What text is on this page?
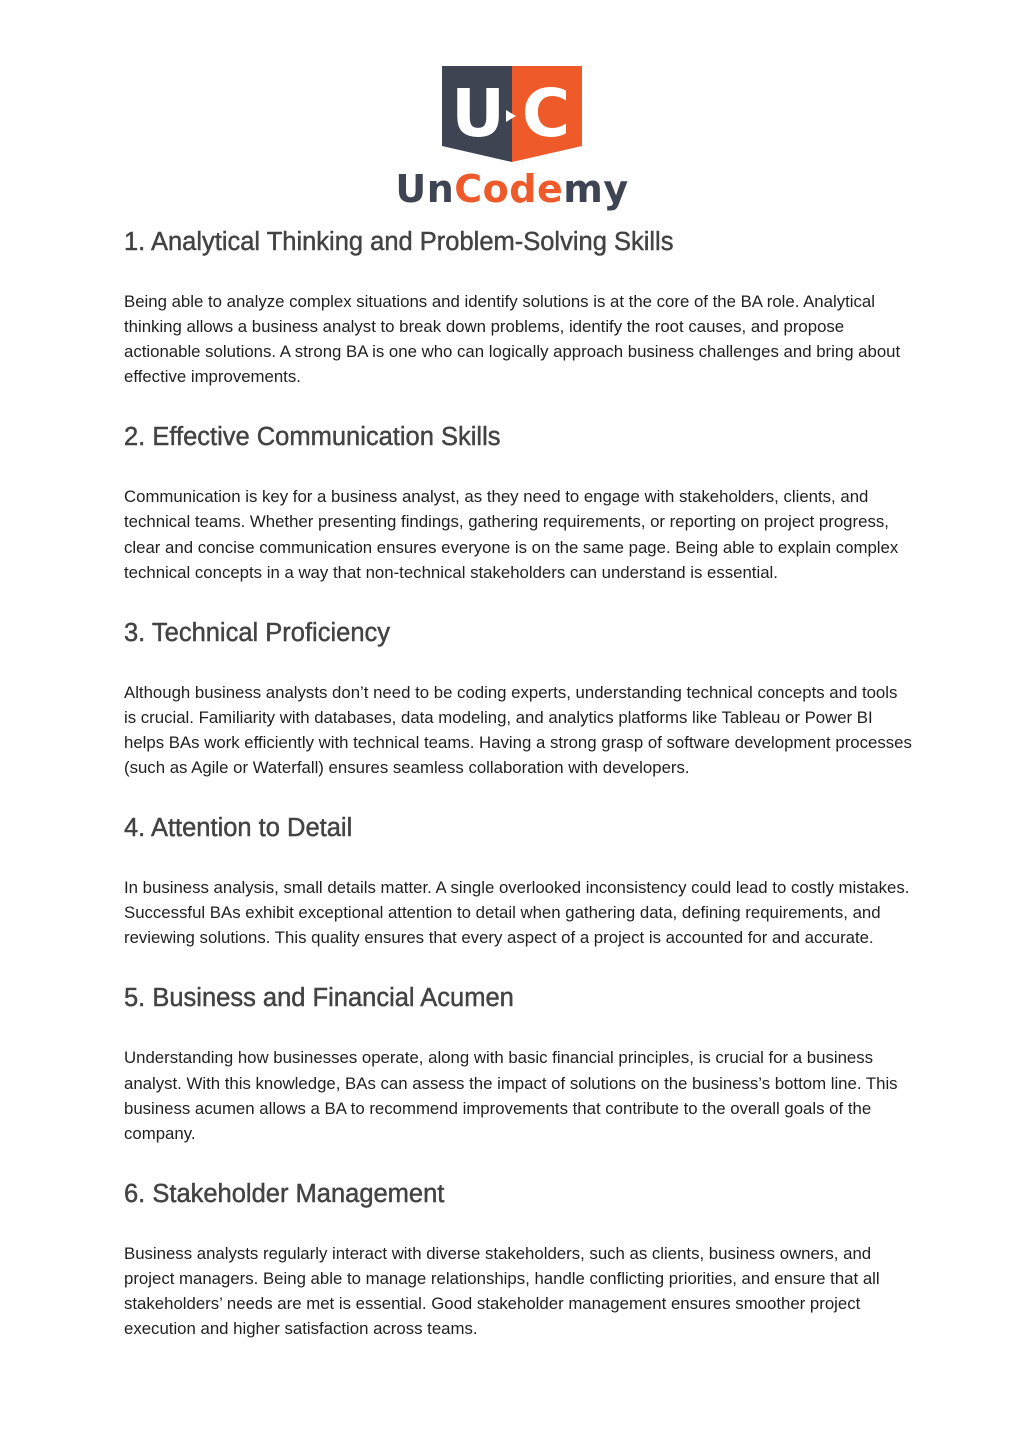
U C
UnCodemy
1. Analytical Thinking and Problem-Solving Skills

Being able to analyze complex situations and identify solutions is at the core of the BA role. Analytical thinking allows a business analyst to break down problems, identify the root causes, and propose actionable solutions. A strong BA is one who can logically approach business challenges and bring about effective improvements.

2. Effective Communication Skills

Communication is key for a business analyst, as they need to engage with stakeholders, clients, and technical teams. Whether presenting findings, gathering requirements, or reporting on project progress, clear and concise communication ensures everyone is on the same page. Being able to explain complex technical concepts in a way that non-technical stakeholders can understand is essential.

3. Technical Proficiency

Although business analysts don’t need to be coding experts, understanding technical concepts and tools is crucial. Familiarity with databases, data modeling, and analytics platforms like Tableau or Power BI helps BAs work efficiently with technical teams. Having a strong grasp of software development processes (such as Agile or Waterfall) ensures seamless collaboration with developers.

4. Attention to Detail

In business analysis, small details matter. A single overlooked inconsistency could lead to costly mistakes. Successful BAs exhibit exceptional attention to detail when gathering data, defining requirements, and reviewing solutions. This quality ensures that every aspect of a project is accounted for and accurate.

5. Business and Financial Acumen

Understanding how businesses operate, along with basic financial principles, is crucial for a business analyst. With this knowledge, BAs can assess the impact of solutions on the business’s bottom line. This business acumen allows a BA to recommend improvements that contribute to the overall goals of the company.

6. Stakeholder Management

Business analysts regularly interact with diverse stakeholders, such as clients, business owners, and project managers. Being able to manage relationships, handle conflicting priorities, and ensure that all stakeholders’ needs are met is essential. Good stakeholder management ensures smoother project execution and higher satisfaction across teams.
